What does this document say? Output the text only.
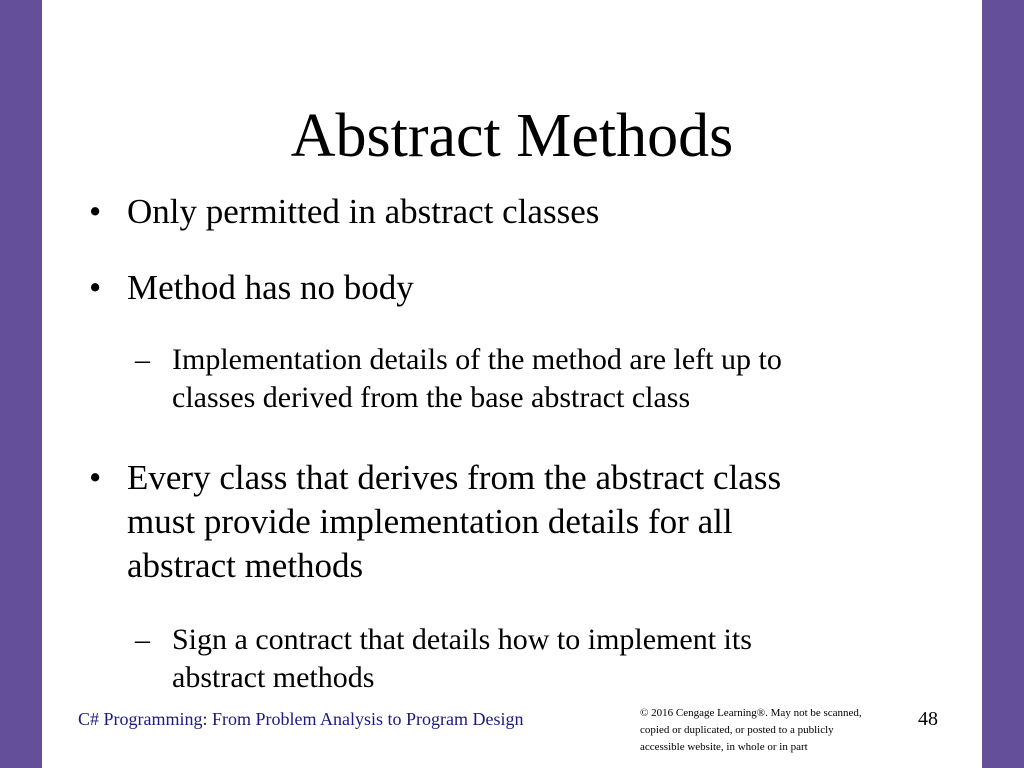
Abstract Methods
• Only permitted in abstract classes
• Method has no body
– Implementation details of the method are left up to
classes derived from the base abstract class
• Every class that derives from the abstract class
must provide implementation details for all
abstract methods
– Sign a contract that details how to implement its
abstract methods
C# Programming: From Problem Analysis to Program Design	© 2016 Cengage Learning®. May not be scanned,
copied or duplicated, or posted to a publicly
accessible website, in whole or in part
48
